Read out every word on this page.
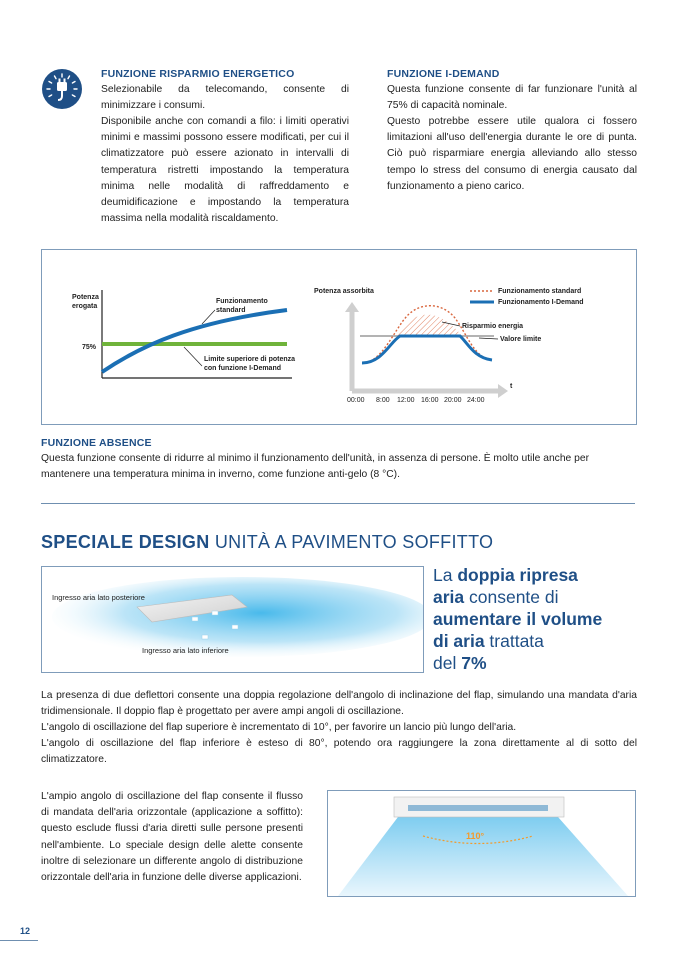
FUNZIONE RISPARMIO ENERGETICO
Selezionabile da telecomando, consente di minimizzare i consumi.
Disponibile anche con comandi a filo: i limiti operativi minimi e massimi possono essere modificati, per cui il climatizzatore può essere azionato in intervalli di temperatura ristretti impostando la temperatura minima nelle modalità di raffreddamento e deumidificazione e impostando la temperatura massima nella modalità riscaldamento.
FUNZIONE I-DEMAND
Questa funzione consente di far funzionare l'unità al 75% di capacità nominale.
Questo potrebbe essere utile qualora ci fossero limitazioni all'uso dell'energia durante le ore di punta. Ciò può risparmiare energia alleviando allo stesso tempo lo stress del consumo di energia causato dal funzionamento a pieno carico.
Potenza
erogata
75%
Funzionamento
standard
Limite superiore di potenza
con funzione I-Demand
Potenza assorbita
t
Funzionamento standard
Funzionamento I-Demand
Risparmio energia
Valore limite
00:00 8:00 12:00 16:00 20:00 24:00
FUNZIONE ABSENCE
Questa funzione consente di ridurre al minimo il funzionamento dell'unità, in assenza di persone. È molto utile anche per mantenere una temperatura minima in inverno, come funzione anti-gelo (8 °C).
SPECIALE DESIGN UNITÀ A PAVIMENTO SOFFITTO
Ingresso aria lato posteriore
Ingresso aria lato inferiore
La doppia ripresa
aria consente di
aumentare il volume
di aria trattata
del 7%
La presenza di due deflettori consente una doppia regolazione dell'angolo di inclinazione del flap, simulando una mandata d'aria tridimensionale. Il doppio flap è progettato per avere ampi angoli di oscillazione.
L'angolo di oscillazione del flap superiore è incrementato di 10°, per favorire un lancio più lungo dell'aria.
L'angolo di oscillazione del flap inferiore è esteso di 80°, potendo ora raggiungere la zona direttamente al di sotto del climatizzatore.
L'ampio angolo di oscillazione del flap consente il flusso di mandata dell'aria orizzontale (applicazione a soffitto): questo esclude flussi d'aria diretti sulle persone presenti nell'ambiente. Lo speciale design delle alette consente inoltre di selezionare un differente angolo di distribuzione orizzontale dell'aria in funzione delle diverse applicazioni.
110°
12
